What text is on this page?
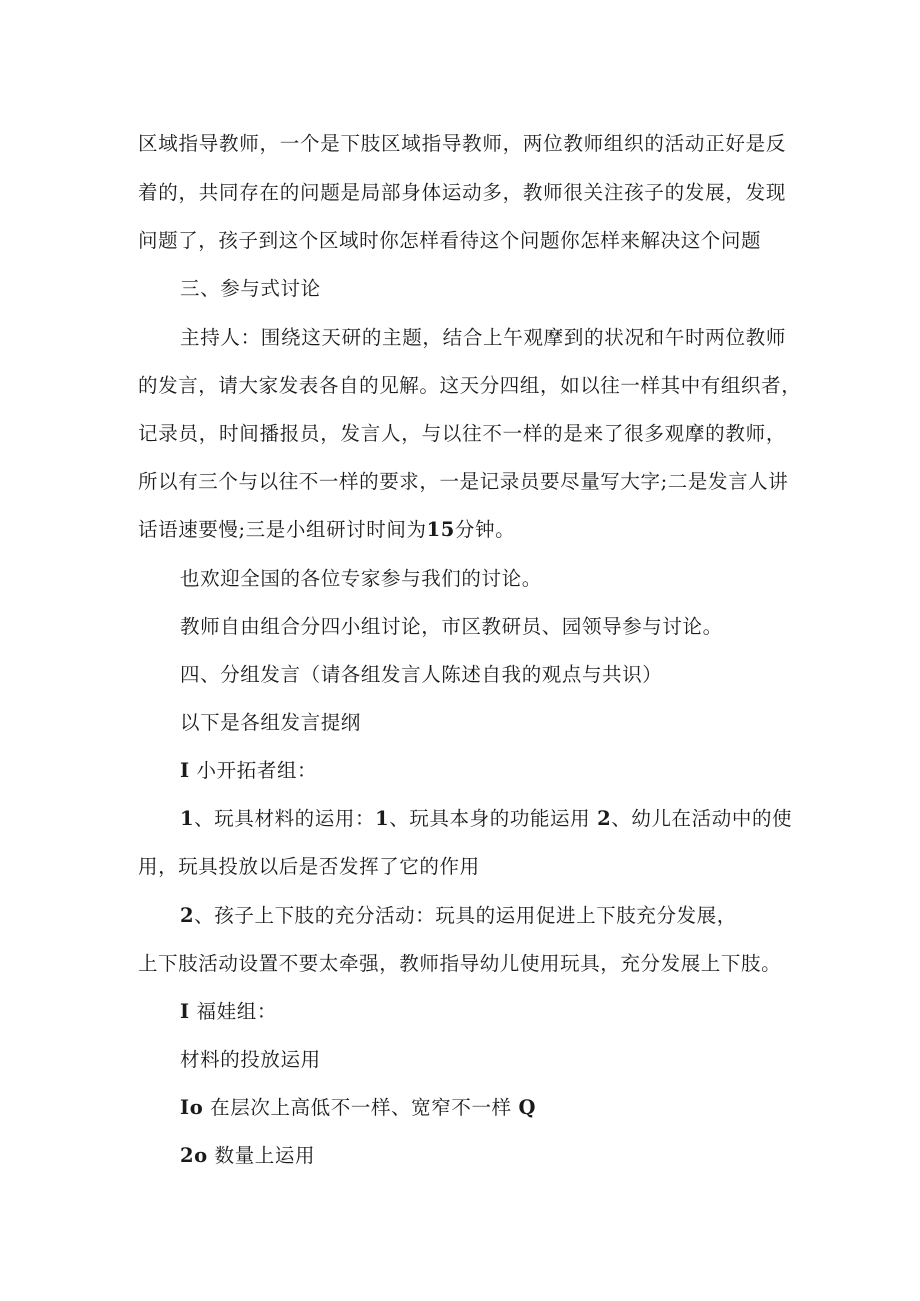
区域指导教师，一个是下肢区域指导教师，两位教师组织的活动正好是反
着的，共同存在的问题是局部身体运动多，教师很关注孩子的发展，发现
问题了，孩子到这个区域时你怎样看待这个问题你怎样来解决这个问题
三、参与式讨论
主持人：围绕这天研的主题，结合上午观摩到的状况和午时两位教师
的发言，请大家发表各自的见解。这天分四组，如以往一样其中有组织者，
记录员，时间播报员，发言人，与以往不一样的是来了很多观摩的教师，
所以有三个与以往不一样的要求，一是记录员要尽量写大字;二是发言人讲
话语速要慢;三是小组研讨时间为15分钟。
也欢迎全国的各位专家参与我们的讨论。
教师自由组合分四小组讨论，市区教研员、园领导参与讨论。
四、分组发言（请各组发言人陈述自我的观点与共识）
以下是各组发言提纲
I 小开拓者组：
1、玩具材料的运用：1、玩具本身的功能运用 2、幼儿在活动中的使
用，玩具投放以后是否发挥了它的作用
2、孩子上下肢的充分活动：玩具的运用促进上下肢充分发展，
上下肢活动设置不要太牵强，教师指导幼儿使用玩具，充分发展上下肢。
I 福娃组：
材料的投放运用
Io 在层次上高低不一样、宽窄不一样 Q
2o 数量上运用
